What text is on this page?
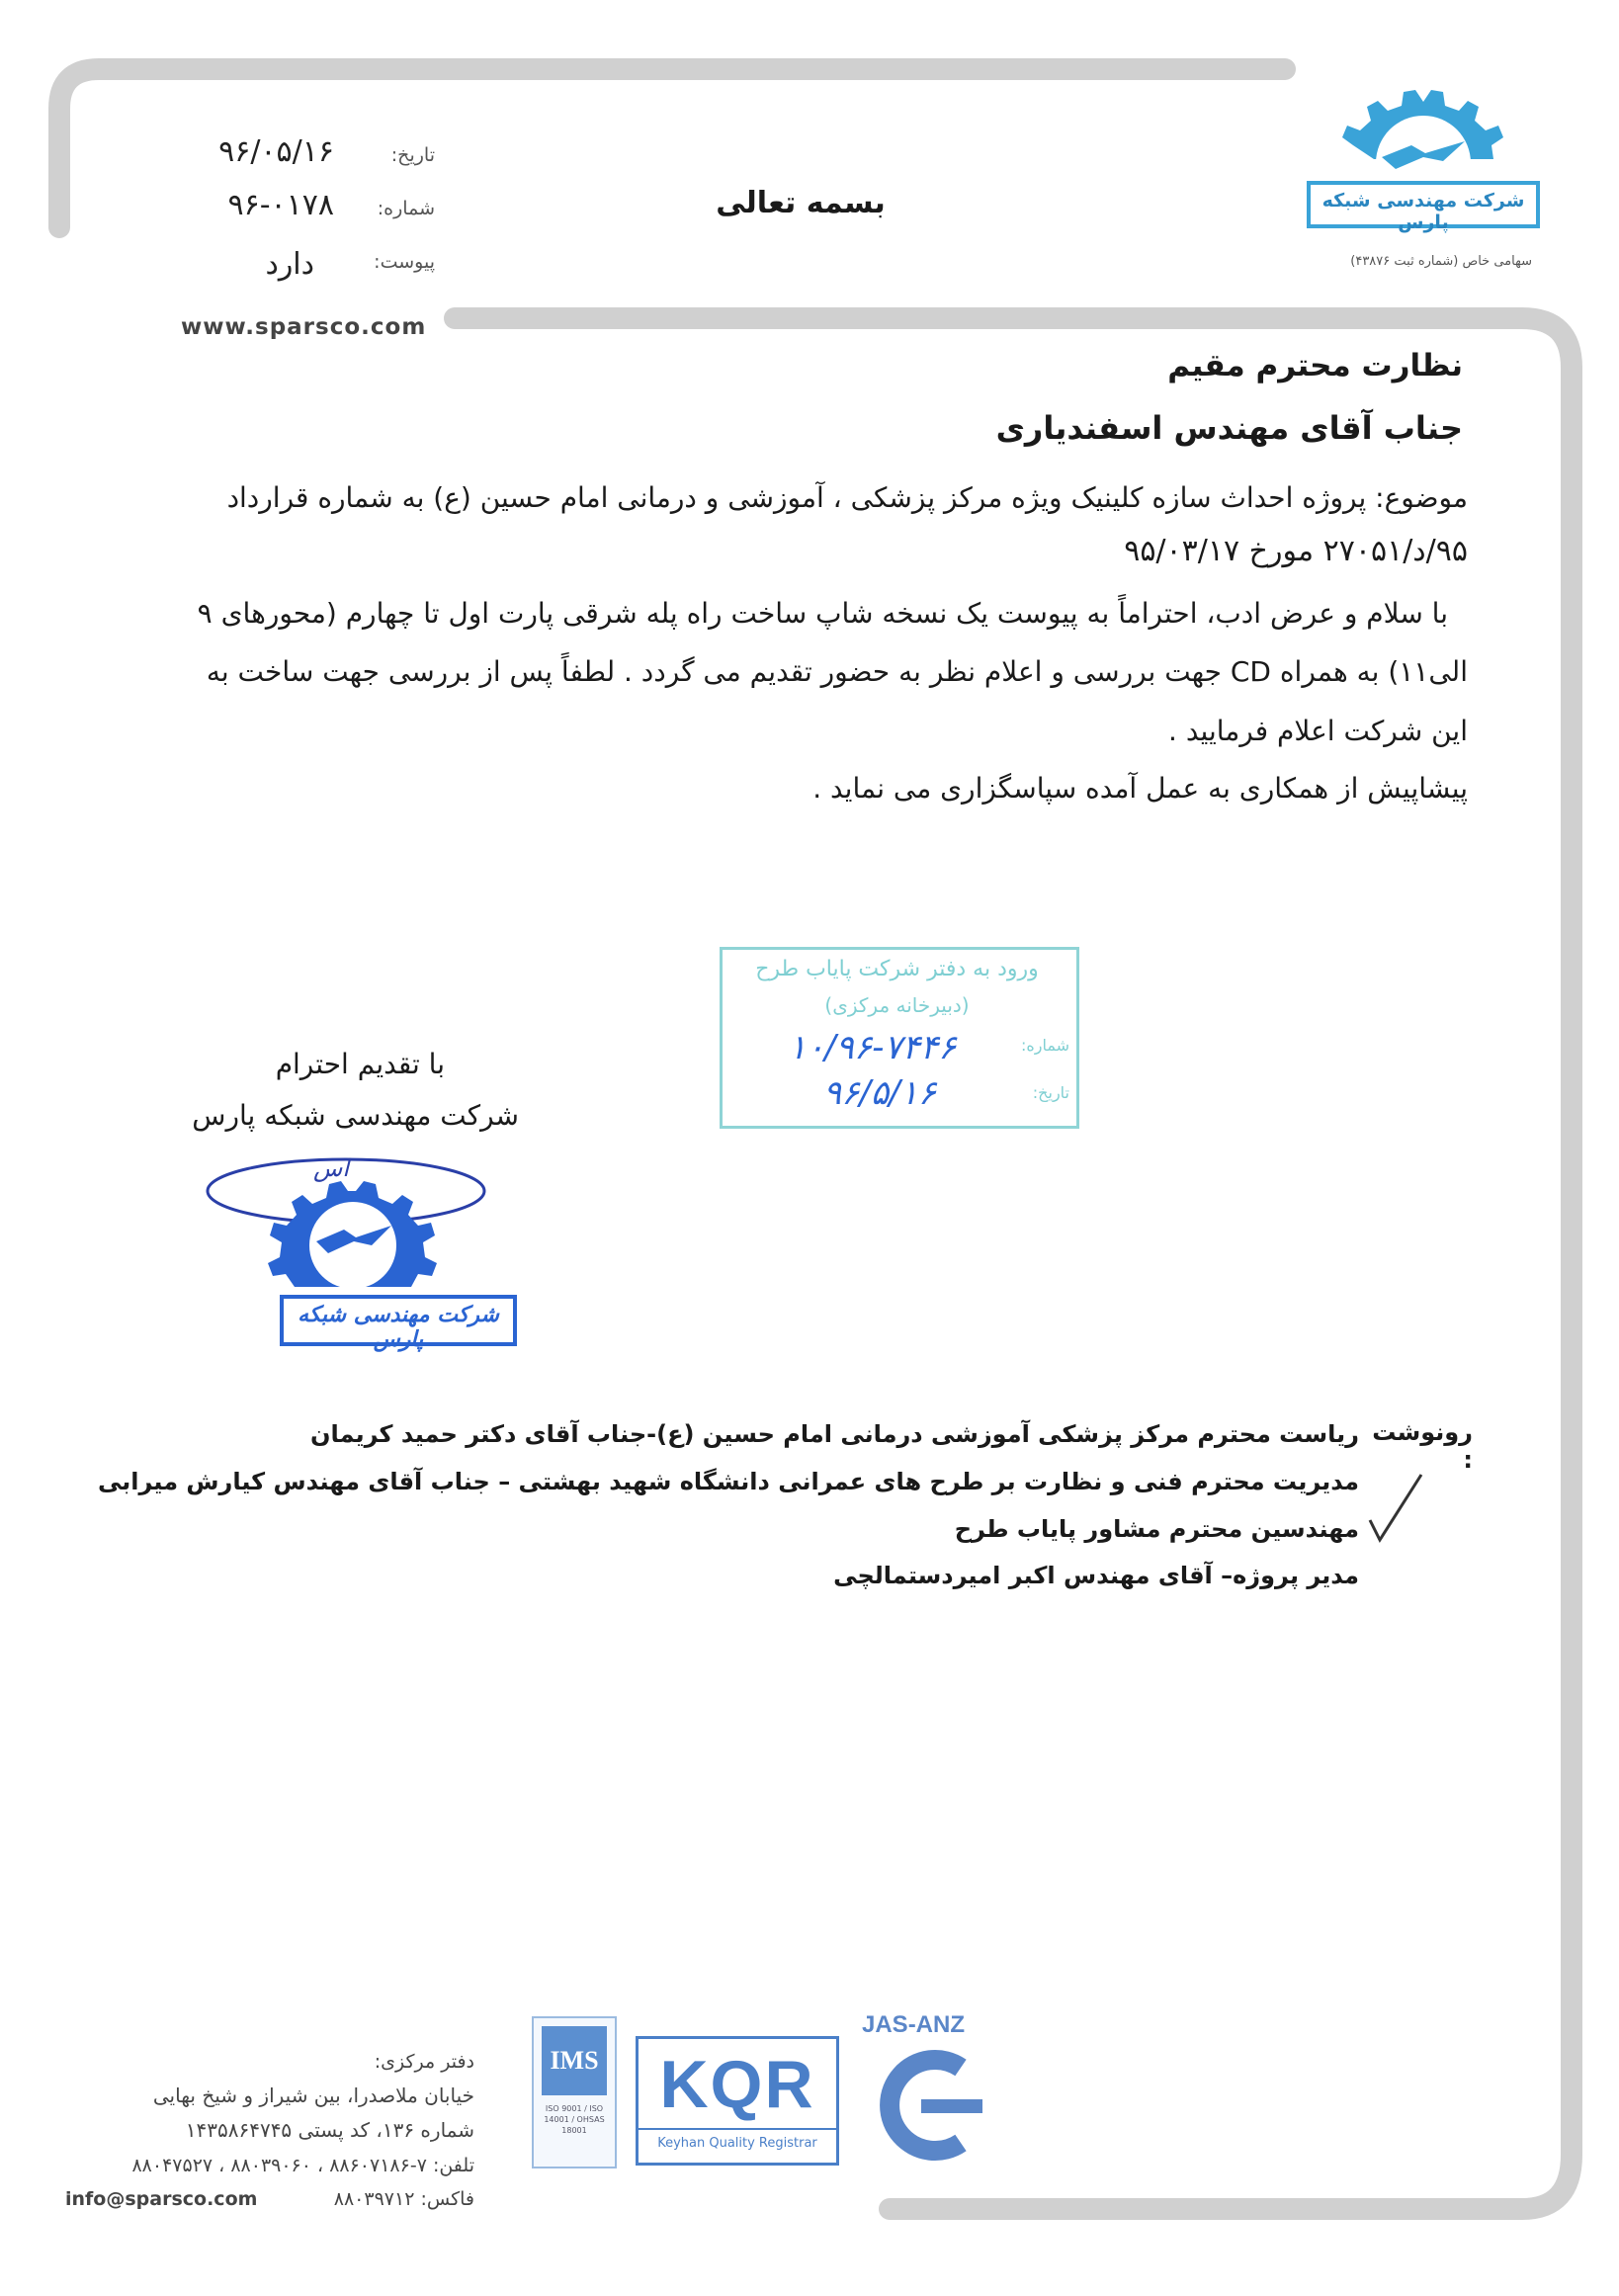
تاریخ:
۹۶/۰۵/۱۶
شماره:
۹۶-۰۱۷۸
پیوست:
دارد
www.sparsco.com
بسمه تعالی	شرکت مهندسی شبکه پارس
سهامی خاص (شماره ثبت ۴۳۸۷۶)
نظارت محترم مقیم
جناب آقای مهندس اسفندیاری
موضوع: پروژه احداث سازه کلینیک ویژه مرکز پزشکی ، آموزشی و درمانی امام حسین (ع) به شماره قرارداد
۹۵/د/۲۷۰۵۱ مورخ ۹۵/۰۳/۱۷
با سلام و عرض ادب، احتراماً به پیوست یک نسخه شاپ ساخت راه پله شرقی پارت اول تا چهارم (محورهای ۹
الی۱۱) به همراه CD جهت بررسی و اعلام نظر به حضور تقدیم می گردد . لطفاً پس از بررسی جهت ساخت به
این شرکت اعلام فرمایید .
پیشاپیش از همکاری به عمل آمده سپاسگزاری می نماید .
ورود به دفتر شرکت پایاب طرح
(دبیرخانه مرکزی)
شماره:
۱۰/۹۶-۷۴۴۶
تاریخ:
۹۶/۵/۱۶
با تقدیم احترام
شرکت مهندسی شبکه پارس
اس
شرکت مهندسی شبکه پارس
رونوشت :
ریاست محترم مرکز پزشکی آموزشی درمانی امام حسین (ع)-جناب آقای دکتر حمید کریمان
مدیریت محترم فنی و نظارت بر طرح های عمرانی دانشگاه شهید بهشتی – جناب آقای مهندس کیارش میرابی
مهندسین محترم مشاور پایاب طرح
مدیر پروژه– آقای مهندس اکبر امیردستمالچی
دفتر مرکزی:
خیابان ملاصدرا، بین شیراز و شیخ بهایی
شماره ۱۳۶، کد پستی ۱۴۳۵۸۶۴۷۴۵
تلفن: ۷-۸۸۶۰۷۱۸۶ ، ۸۸۰۳۹۰۶۰ ، ۸۸۰۴۷۵۲۷
فاکس: ۸۸۰۳۹۷۱۲
info@sparsco.com
IMS
ISO 9001 / ISO 14001 / OHSAS 18001
KQR
Keyhan Quality Registrar
JAS-ANZ
